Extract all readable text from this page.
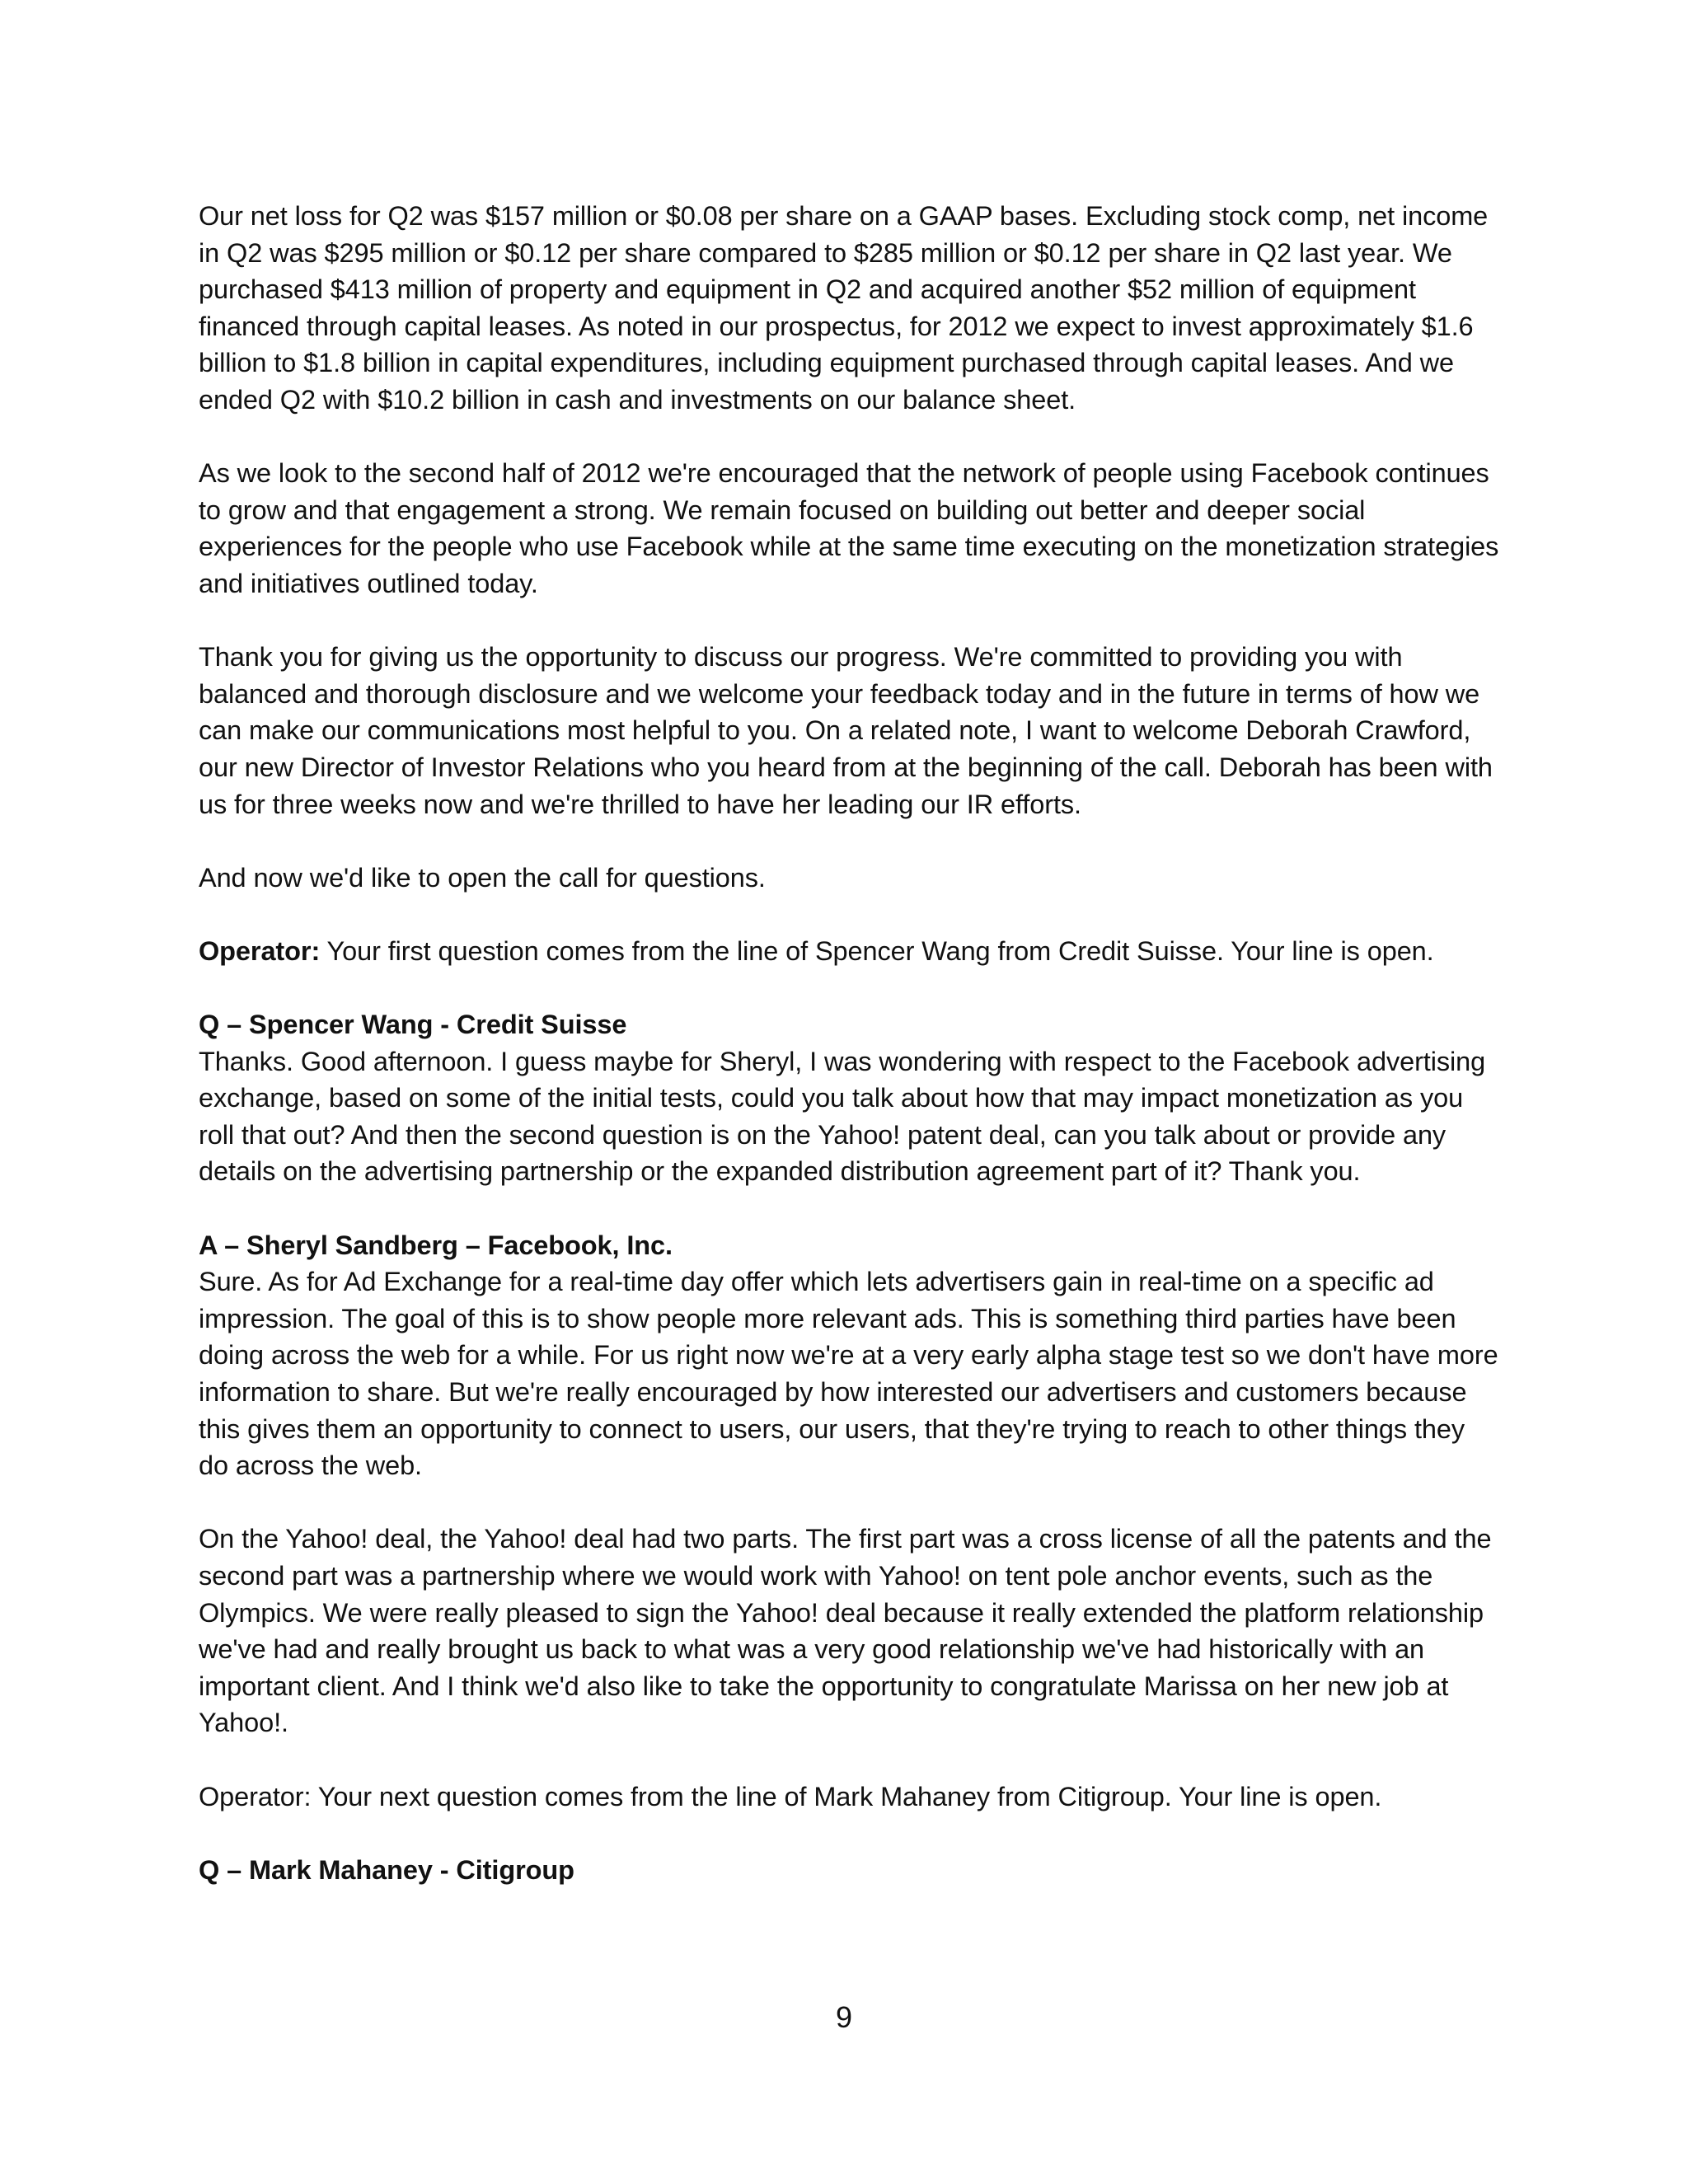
Our net loss for Q2 was $157 million or $0.08 per share on a GAAP bases. Excluding stock comp, net income in Q2 was $295 million or $0.12 per share compared to $285 million or $0.12 per share in Q2 last year. We purchased $413 million of property and equipment in Q2 and acquired another $52 million of equipment financed through capital leases. As noted in our prospectus, for 2012 we expect to invest approximately $1.6 billion to $1.8 billion in capital expenditures, including equipment purchased through capital leases. And we ended Q2 with $10.2 billion in cash and investments on our balance sheet.

As we look to the second half of 2012 we're encouraged that the network of people using Facebook continues to grow and that engagement a strong. We remain focused on building out better and deeper social experiences for the people who use Facebook while at the same time executing on the monetization strategies and initiatives outlined today.

Thank you for giving us the opportunity to discuss our progress. We're committed to providing you with balanced and thorough disclosure and we welcome your feedback today and in the future in terms of how we can make our communications most helpful to you. On a related note, I want to welcome Deborah Crawford, our new Director of Investor Relations who you heard from at the beginning of the call. Deborah has been with us for three weeks now and we're thrilled to have her leading our IR efforts.

And now we'd like to open the call for questions.

Operator: Your first question comes from the line of Spencer Wang from Credit Suisse. Your line is open.

Q – Spencer Wang - Credit Suisse
Thanks. Good afternoon. I guess maybe for Sheryl, I was wondering with respect to the Facebook advertising exchange, based on some of the initial tests, could you talk about how that may impact monetization as you roll that out? And then the second question is on the Yahoo! patent deal, can you talk about or provide any details on the advertising partnership or the expanded distribution agreement part of it? Thank you.
A – Sheryl Sandberg – Facebook, Inc.
Sure. As for Ad Exchange for a real-time day offer which lets advertisers gain in real-time on a specific ad impression. The goal of this is to show people more relevant ads. This is something third parties have been doing across the web for a while. For us right now we're at a very early alpha stage test so we don't have more information to share. But we're really encouraged by how interested our advertisers and customers because this gives them an opportunity to connect to users, our users, that they're trying to reach to other things they do across the web.

On the Yahoo! deal, the Yahoo! deal had two parts. The first part was a cross license of all the patents and the second part was a partnership where we would work with Yahoo! on tent pole anchor events, such as the Olympics. We were really pleased to sign the Yahoo! deal because it really extended the platform relationship we've had and really brought us back to what was a very good relationship we've had historically with an important client. And I think we'd also like to take the opportunity to congratulate Marissa on her new job at Yahoo!.

Operator: Your next question comes from the line of Mark Mahaney from Citigroup. Your line is open.

Q – Mark Mahaney - Citigroup
9
